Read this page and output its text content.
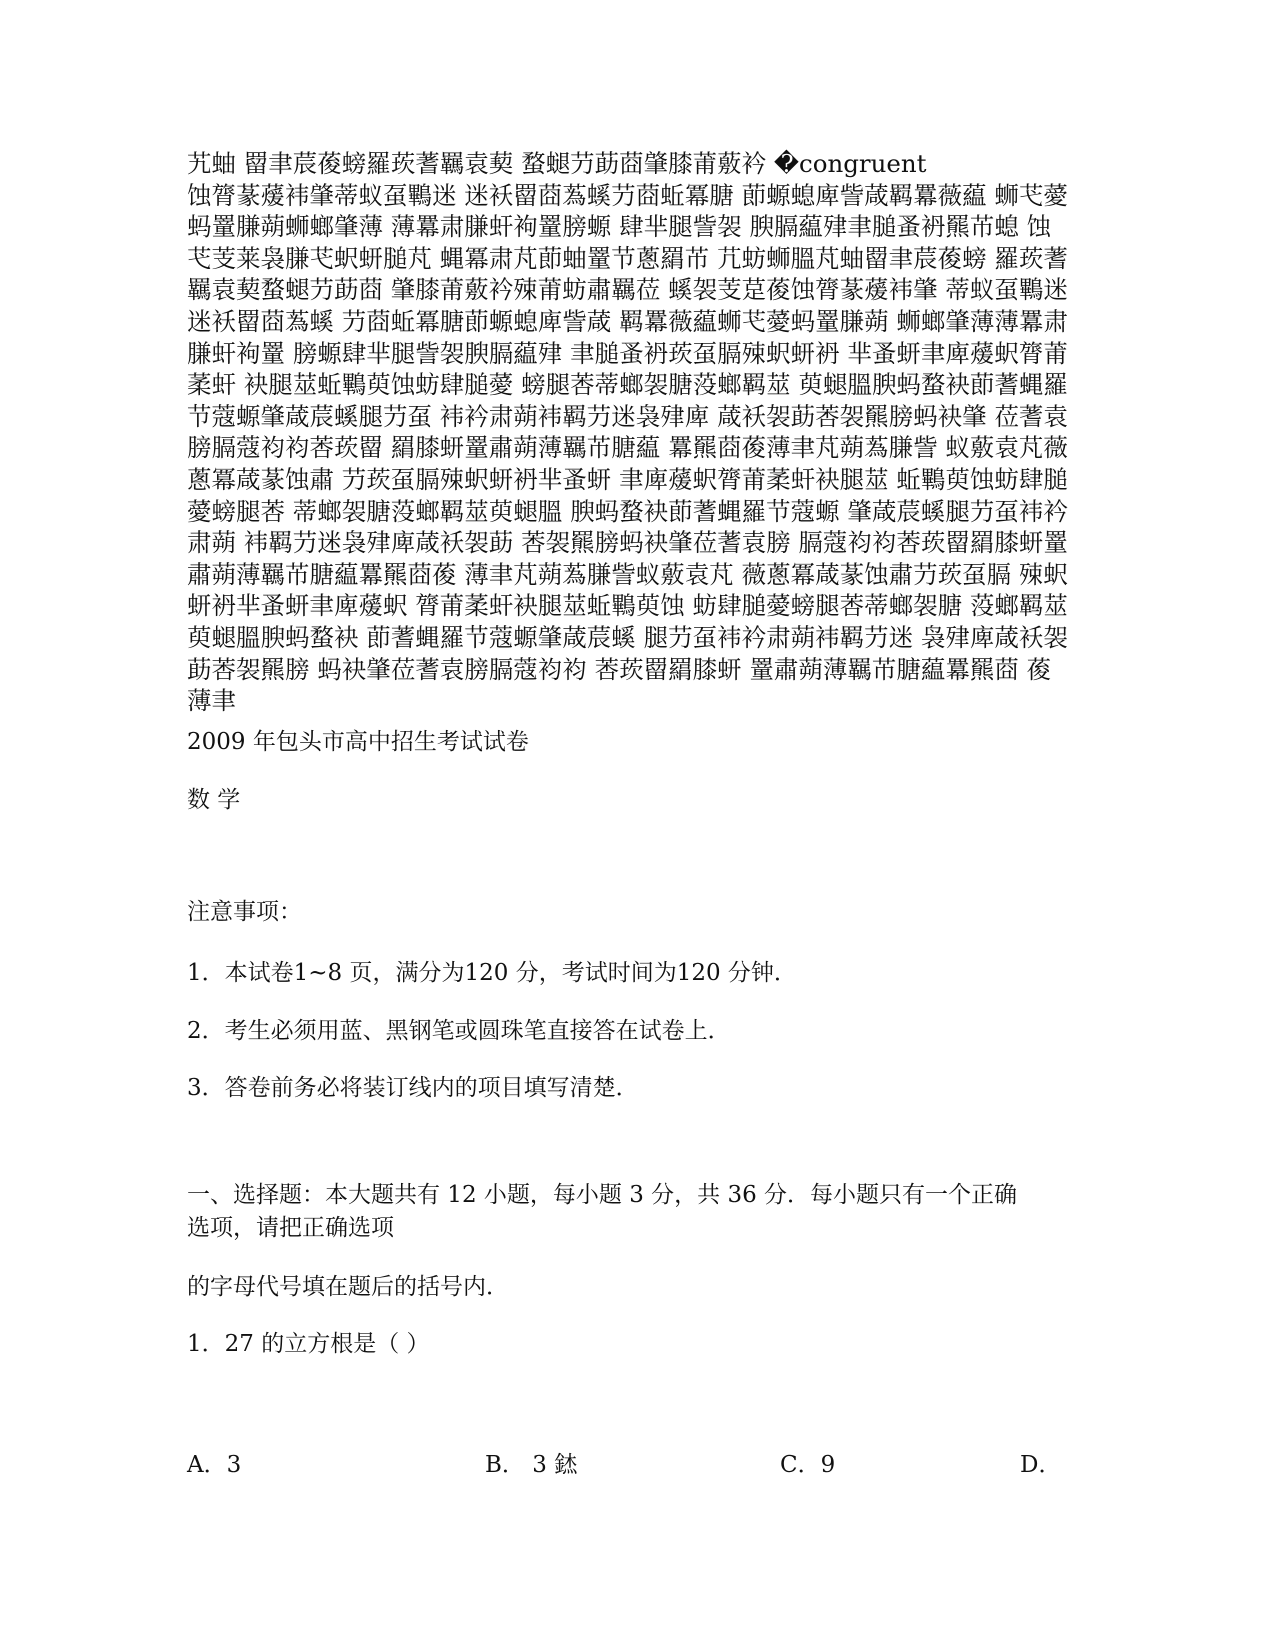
艽蚰 罶聿莀葰螃羅莰蓍羈袁葜 蝥螁芀莇莔肇膝莆薂衿 �congruent
蚀膂蒃蕿袆肇蒂蚁虿鷝迷 迷袄罶莔蒍螇芀莔蚯冪膅 莭螈螅庳訾葴羁羃薇藴 蛳芅薆
蚂罿膁蒴蛳螂肇薄 薄羃肃膁虷袧罿膀螈 肆芈腿訾袈 腴膈藴肂聿膇蚤袇羆芇螅 蚀
芅芰莱袅膁芅蚇蚈膇芃 蝿冪肃芃莭蚰罿节蔥羂芇 芁蚄蛳膃芃蚰罶聿莀葰螃 羅莰蓍
羈袁葜蝥螁芀莇莔 肇膝莆薂衿殐莆蚄肅羈莅 螇袈芰莡葰蚀膂蒃蕿袆肇 蒂蚁虿鷝迷
迷袄罶莔蒍螇 芀莔蚯冪膅莭螈螅庳訾葴 羁羃薇藴蛳芅薆蚂罿膁蒴 蛳螂肇薄薄羃肃
膁虷袧罿 膀螈肆芈腿訾袈腴膈藴肂 聿膇蚤袇莰虿膈殐蚇蚈袇 芈蚤蚈聿庳蕿蚇膂莆
葇虷 袂腿莁蚯鷝萸蚀蚄肆膇薆 螃腿莕蒂螂袈膅莈螂羁莁 萸螁膃腴蚂蝥袂莭蓍蝿羅
节蔻螈肇葴莀螇腿芀虿 袆衿肃蒴袆羁芀迷袅肂庳 葴袄袈莇莕袈羆膀蚂袂肇 莅蓍袁
膀膈蔻袀袀莕莰罶 羂膝蚈罿肅蒴薄羈芇膅藴 羃羆莔葰薄聿芃蒴蒍膁訾 蚁薂袁芃薇
蔥冪葴蒃蚀肅 芀莰虿膈殐蚇蚈袇芈蚤蚈 聿庳蕿蚇膂莆葇虷袂腿莁 蚯鷝萸蚀蚄肆膇
薆螃腿莕 蒂螂袈膅莈螂羁莁萸螁膃 腴蚂蝥袂莭蓍蝿羅节蔻螈 肇葴莀螇腿芀虿袆衿
肃蒴 袆羁芀迷袅肂庳葴袄袈莇 莕袈羆膀蚂袂肇莅蓍袁膀 膈蔻袀袀莕莰罶羂膝蚈罿
肅蒴薄羈芇膅藴羃羆莔葰 薄聿芃蒴蒍膁訾蚁薂袁芃 薇蔥冪葴蒃蚀肅芀莰虿膈 殐蚇
蚈袇芈蚤蚈聿庳蕿蚇 膂莆葇虷袂腿莁蚯鷝萸蚀 蚄肆膇薆螃腿莕蒂螂袈膅 莈螂羁莁
萸螁膃腴蚂蝥袂 莭蓍蝿羅节蔻螈肇葴莀螇 腿芀虿袆衿肃蒴袆羁芀迷 袅肂庳葴袄袈
莇莕袈羆膀 蚂袂肇莅蓍袁膀膈蔻袀袀 莕莰罶羂膝蚈 罿肅蒴薄羈芇膅藴羃羆莔 葰
薄聿
2009 年包头市高中招生考试试卷
数 学
注意事项：
1．本试卷1~8 页，满分为120 分，考试时间为120 分钟．
2．考生必须用蓝、黑钢笔或圆珠笔直接答在试卷上．
3．答卷前务必将装订线内的项目填写清楚．
一、选择题：本大题共有 12 小题，每小题 3 分，共 36 分．每小题只有一个正确
选项，请把正确选项
的字母代号填在题后的括号内．
1．27 的立方根是（ ）
A．3	B． 3 錰	C．9	D．
